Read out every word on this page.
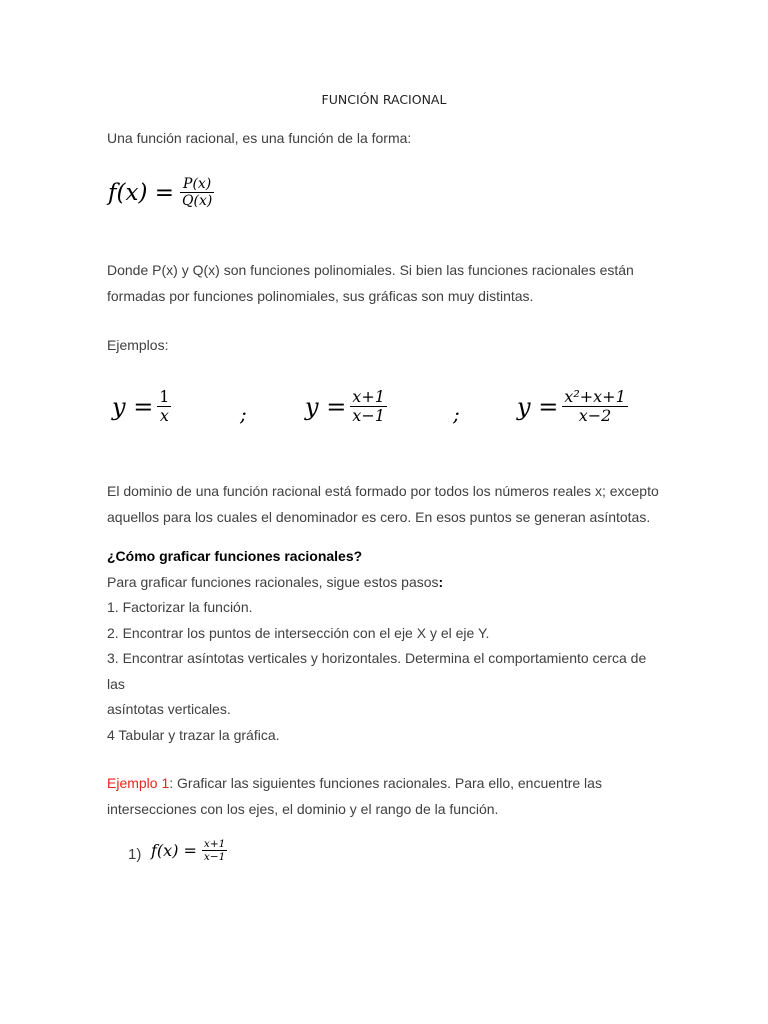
FUNCIÓN RACIONAL
Una función racional, es una función de la forma:
$f(x) = \frac{P(x)}{Q(x)}$
Donde P(x) y Q(x) son funciones polinomiales. Si bien las funciones racionales están
formadas por funciones polinomiales, sus gráficas son muy distintas.
Ejemplos:
$y = \frac{1}{x}$	; $y = \frac{x+1}{x-1}$	; $y = \frac{\text{x²+x+1}}{x-2}$
El dominio de una función racional está formado por todos los números reales x; excepto
aquellos para los cuales el denominador es cero. En esos puntos se generan asíntotas.
¿Cómo graficar funciones racionales?
Para graficar funciones racionales, sigue estos pasos:
1. Factorizar la función.
2. Encontrar los puntos de intersección con el eje X y el eje Y.
3. Encontrar asíntotas verticales y horizontales. Determina el comportamiento cerca de las
asíntotas verticales.
4 Tabular y trazar la gráfica.
Ejemplo 1: Graficar las siguientes funciones racionales. Para ello, encuentre las
intersecciones con los ejes, el dominio y el rango de la función.
1) $f(x) = \frac{x+1}{x-1}$
